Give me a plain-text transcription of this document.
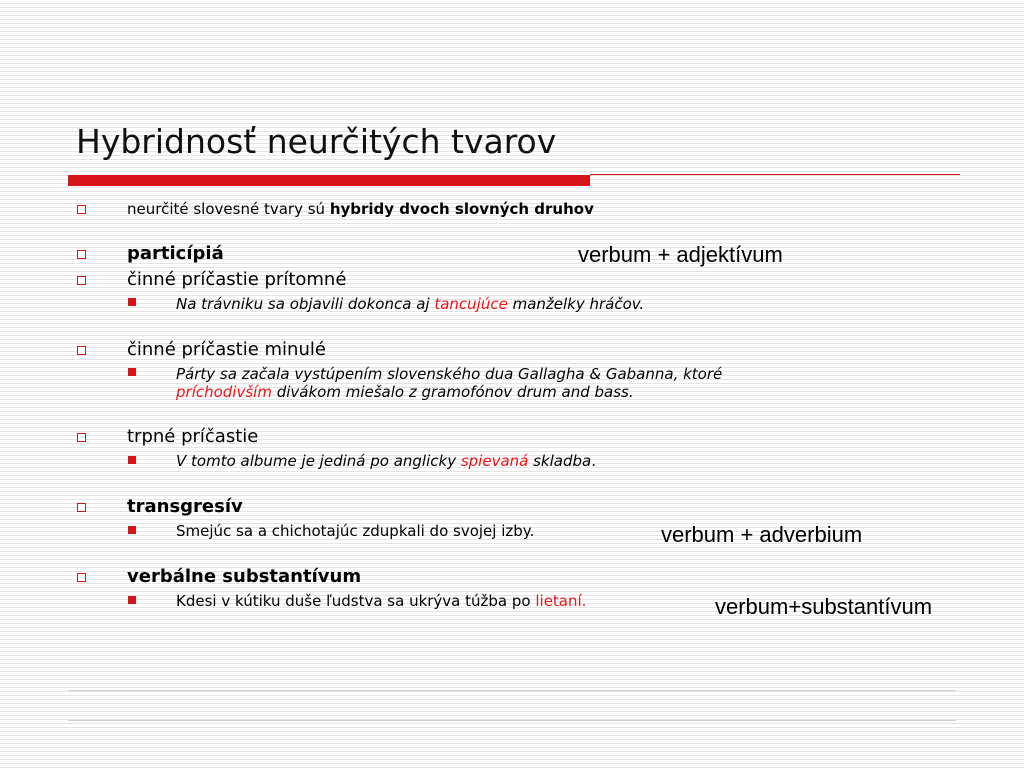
Hybridnosť neurčitých tvarov
neurčité slovesné tvary sú hybridy dvoch slovných druhov
particípiá	verbum + adjektívum
činné príčastie prítomné
Na trávniku sa objavili dokonca aj tancujúce manželky hráčov.
činné príčastie minulé
Párty sa začala vystúpením slovenského dua Gallagha & Gabanna, ktoré
príchodivším divákom miešalo z gramofónov drum and bass.
trpné príčastie
V tomto albume je jediná po anglicky spievaná skladba.
transgresív
Smejúc sa a chichotajúc zdupkali do svojej izby.	verbum + adverbium
verbálne substantívum
Kdesi v kútiku duše ľudstva sa ukrýva túžba po lietaní.	verbum+substantívum
